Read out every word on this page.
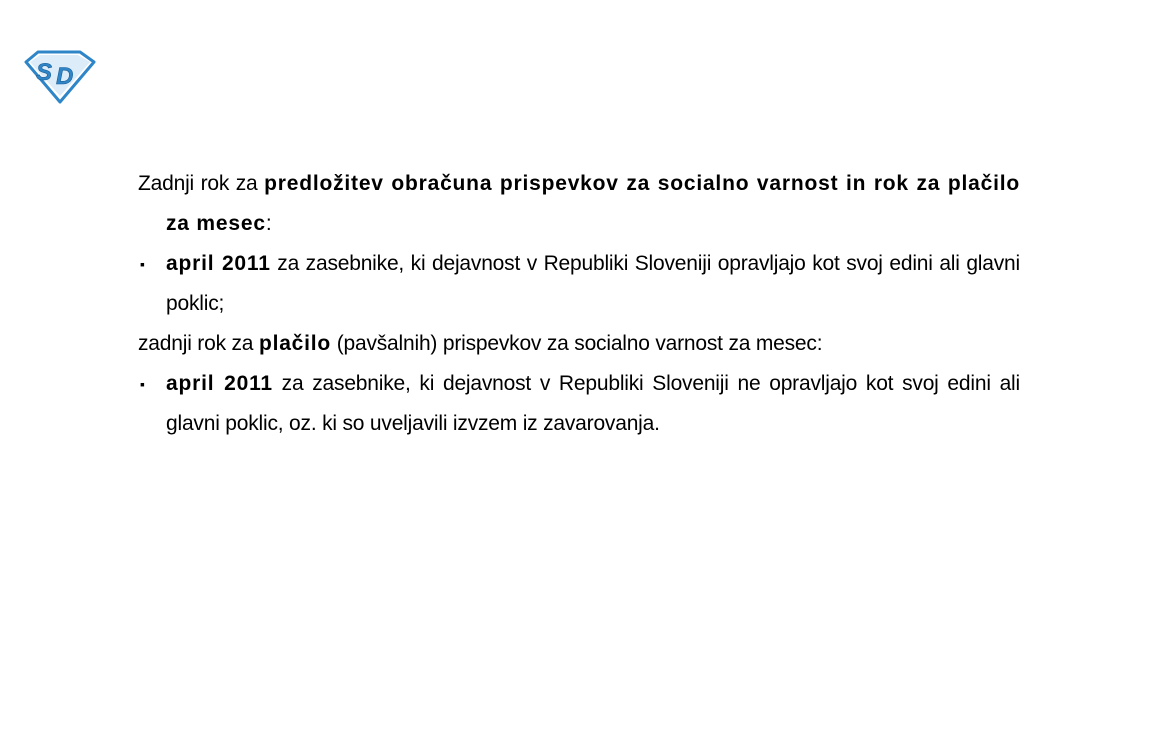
S D

Zadnji rok za predložitev obračuna prispevkov za socialno varnost in rok za plačilo za mesec:

▪ april 2011 za zasebnike, ki dejavnost v Republiki Sloveniji opravljajo kot svoj edini ali glavni poklic;

zadnji rok za plačilo (pavšalnih) prispevkov za socialno varnost za mesec:

▪ april 2011 za zasebnike, ki dejavnost v Republiki Sloveniji ne opravljajo kot svoj edini ali glavni poklic, oz. ki so uveljavili izvzem iz zavarovanja.
